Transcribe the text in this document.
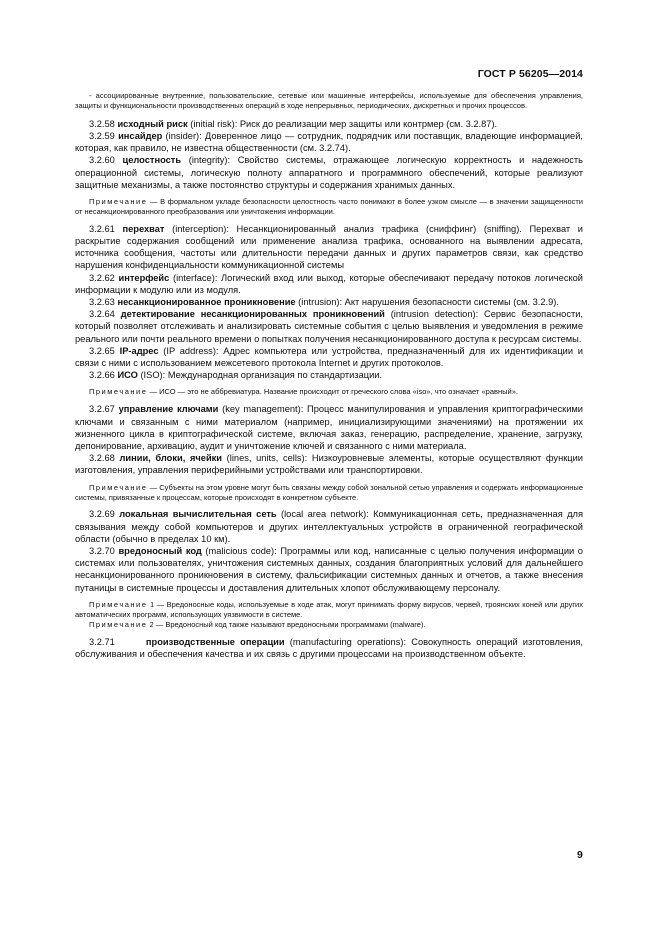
ГОСТ Р 56205—2014

- ассоциированные внутренние, пользовательские, сетевые или машинные интерфейсы, используемые для обеспечения управления, защиты и функциональности производственных операций в ходе непрерывных, периодических, дискретных и прочих процессов.

3.2.58 исходный риск (initial risk): Риск до реализации мер защиты или контрмер (см. 3.2.87).

3.2.59 инсайдер (insider): Доверенное лицо — сотрудник, подрядчик или поставщик, владеющие информацией, которая, как правило, не известна общественности (см. 3.2.74).

3.2.60 целостность (integrity): Свойство системы, отражающее логическую корректность и надежность операционной системы, логическую полноту аппаратного и программного обеспечений, которые реализуют защитные механизмы, а также постоянство структуры и содержания хранимых данных.

Примечание — В формальном укладе безопасности целостность часто понимают в более узком смысле — в значении защищенности от несанкционированного преобразования или уничтожения информации.

3.2.61 перехват (interception): Несанкционированный анализ трафика (сниффинг) (sniffing). Перехват и раскрытие содержания сообщений или применение анализа трафика, основанного на выявлении адресата, источника сообщения, частоты или длительности передачи данных и других параметров связи, как средство нарушения конфиденциальности коммуникационной системы

3.2.62 интерфейс (interface): Логический вход или выход, которые обеспечивают передачу потоков логической информации к модулю или из модуля.

3.2.63 несанкционированное проникновение (intrusion): Акт нарушения безопасности системы (см. 3.2.9).

3.2.64 детектирование несанкционированных проникновений (intrusion detection): Сервис безопасности, который позволяет отслеживать и анализировать системные события с целью выявления и уведомления в режиме реального или почти реального времени о попытках получения несанкционированного доступа к ресурсам системы.

3.2.65 IP-адрес (IP address): Адрес компьютера или устройства, предназначенный для их идентификации и связи с ними с использованием межсетевого протокола Internet и других протоколов.

3.2.66 ИСО (ISO): Международная организация по стандартизации.

Примечание — ИСО — это не аббревиатура. Название происходит от греческого слова «iso», что означает «равный».

3.2.67 управление ключами (key management): Процесс манипулирования и управления криптографическими ключами и связанным с ними материалом (например, инициализирующими значениями) на протяжении их жизненного цикла в криптографической системе, включая заказ, генерацию, распределение, хранение, загрузку, депонирование, архивацию, аудит и уничтожение ключей и связанного с ними материала.

3.2.68 линии, блоки, ячейки (lines, units, cells): Низкоуровневые элементы, которые осуществляют функции изготовления, управления периферийными устройствами или транспортировки.

Примечание — Субъекты на этом уровне могут быть связаны между собой зональной сетью управления и содержать информационные системы, привязанные к процессам, которые происходят в конкретном субъекте.

3.2.69 локальная вычислительная сеть (local area network): Коммуникационная сеть, предназначенная для связывания между собой компьютеров и других интеллектуальных устройств в ограниченной географической области (обычно в пределах 10 км).

3.2.70 вредоносный код (malicious code): Программы или код, написанные с целью получения информации о системах или пользователях, уничтожения системных данных, создания благоприятных условий для дальнейшего несанкционированного проникновения в систему, фальсификации системных данных и отчетов, а также внесения путаницы в системные процессы и доставления длительных хлопот обслуживающему персоналу.

Примечание 1 — Вредоносные коды, используемые в ходе атак, могут принимать форму вирусов, червей, троянских коней или других автоматических программ, использующих уязвимости в системе.

Примечание 2 — Вредоносный код также называют вредоносными программами (malware).

3.2.71	производственные операции (manufacturing operations): Совокупность операций изготовления, обслуживания и обеспечения качества и их связь с другими процессами на производственном объекте.

9
